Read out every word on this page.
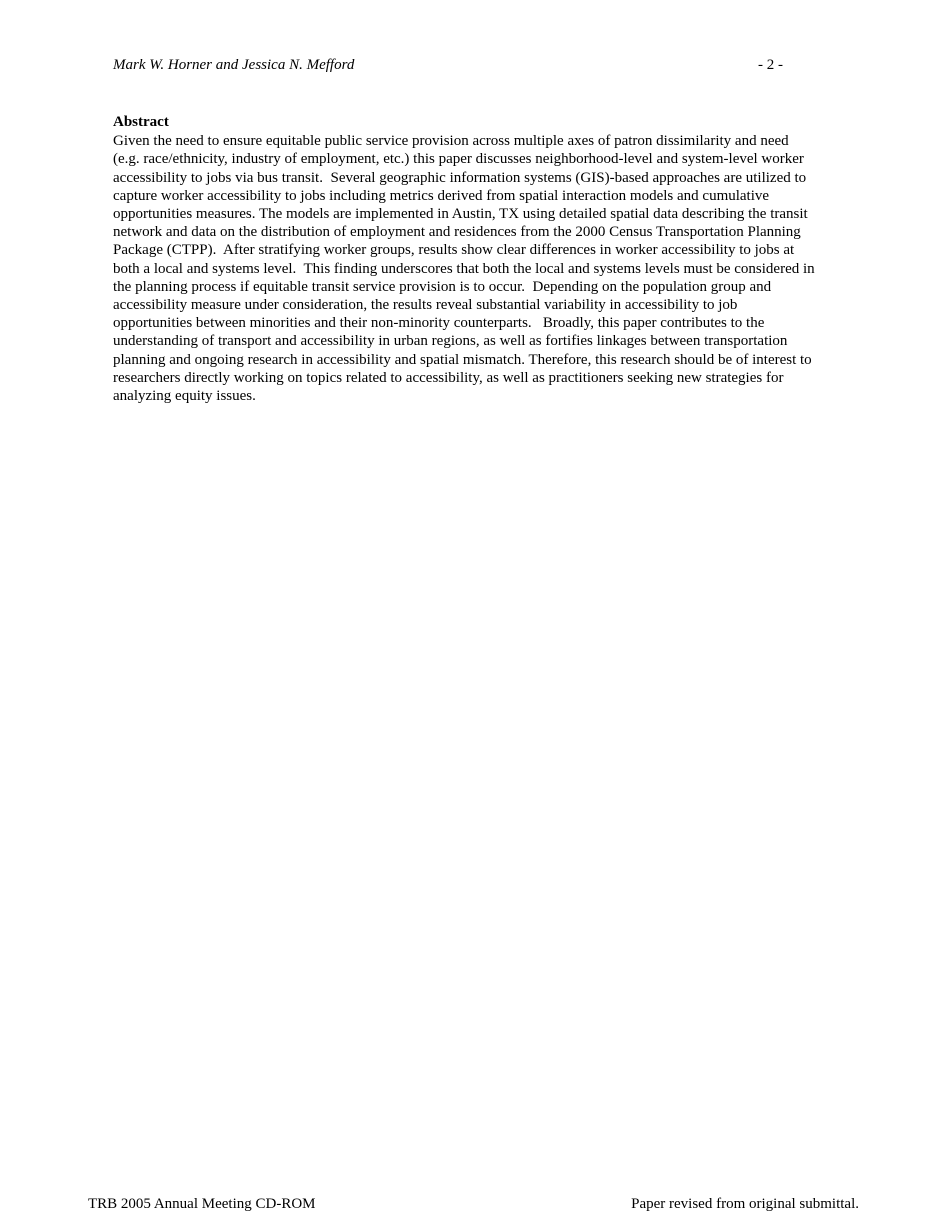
Mark W. Horner and Jessica N. Mefford	- 2 -
Abstract
Given the need to ensure equitable public service provision across multiple axes of patron dissimilarity and need
(e.g. race/ethnicity, industry of employment, etc.) this paper discusses neighborhood-level and system-level worker
accessibility to jobs via bus transit.  Several geographic information systems (GIS)-based approaches are utilized to
capture worker accessibility to jobs including metrics derived from spatial interaction models and cumulative
opportunities measures. The models are implemented in Austin, TX using detailed spatial data describing the transit
network and data on the distribution of employment and residences from the 2000 Census Transportation Planning
Package (CTPP).  After stratifying worker groups, results show clear differences in worker accessibility to jobs at
both a local and systems level.  This finding underscores that both the local and systems levels must be considered in
the planning process if equitable transit service provision is to occur.  Depending on the population group and
accessibility measure under consideration, the results reveal substantial variability in accessibility to job
opportunities between minorities and their non-minority counterparts.   Broadly, this paper contributes to the
understanding of transport and accessibility in urban regions, as well as fortifies linkages between transportation
planning and ongoing research in accessibility and spatial mismatch. Therefore, this research should be of interest to
researchers directly working on topics related to accessibility, as well as practitioners seeking new strategies for
analyzing equity issues.
TRB 2005 Annual Meeting CD-ROM	Paper revised from original submittal.
